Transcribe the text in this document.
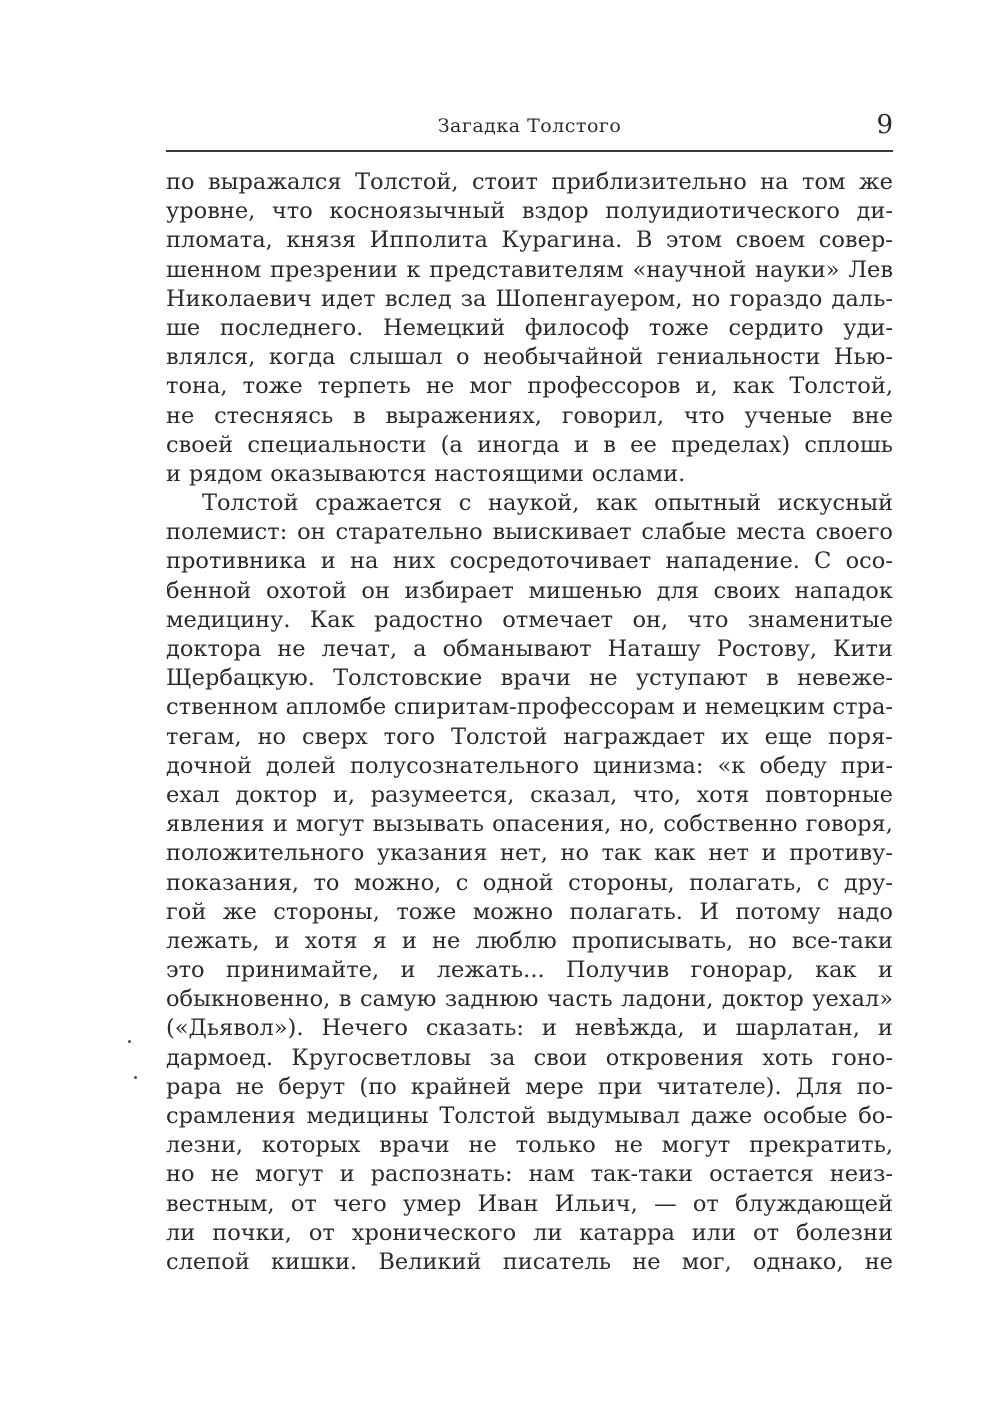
Загадка Толстого	9
по выражался Толстой, стоит приблизительно на том же
уровне, что косноязычный вздор полуидиотического ди-
пломата, князя Ипполита Курагина. В этом своем совер-
шенном презрении к представителям «научной науки» Лев
Николаевич идет вслед за Шопенгауером, но гораздо даль-
ше последнего. Немецкий философ тоже сердито уди-
влялся, когда слышал о необычайной гениальности Нью-
тона, тоже терпеть не мог профессоров и, как Толстой,
не стесняясь в выражениях, говорил, что ученые вне
своей специальности (а иногда и в ее пределах) сплошь
и рядом оказываются настоящими ослами.
Толстой сражается с наукой, как опытный искусный
полемист: он старательно выискивает слабые места своего
противника и на них сосредоточивает нападение. С осо-
бенной охотой он избирает мишенью для своих нападок
медицину. Как радостно отмечает он, что знаменитые
доктора не лечат, а обманывают Наташу Ростову, Кити
Щербацкую. Толстовские врачи не уступают в невеже-
ственном апломбе спиритам-профессорам и немецким стра-
тегам, но сверх того Толстой награждает их еще поря-
дочной долей полусознательного цинизма: «к обеду при-
ехал доктор и, разумеется, сказал, что, хотя повторные
явления и могут вызывать опасения, но, собственно говоря,
положительного указания нет, но так как нет и противу-
показания, то можно, с одной стороны, полагать, с дру-
гой же стороны, тоже можно полагать. И потому надо
лежать, и хотя я и не люблю прописывать, но все-таки
это принимайте, и лежать... Получив гонорар, как и
обыкновенно, в самую заднюю часть ладони, доктор уехал»
(«Дьявол»). Нечего сказать: и невѣжда, и шарлатан, и
дармоед. Кругосветловы за свои откровения хоть гоно-
рара не берут (по крайней мере при читателе). Для по-
срамления медицины Толстой выдумывал даже особые бо-
лезни, которых врачи не только не могут прекратить,
но не могут и распознать: нам так-таки остается неиз-
вестным, от чего умер Иван Ильич, — от блуждающей
ли почки, от хронического ли катарра или от болезни
слепой кишки. Великий писатель не мог, однако, не
